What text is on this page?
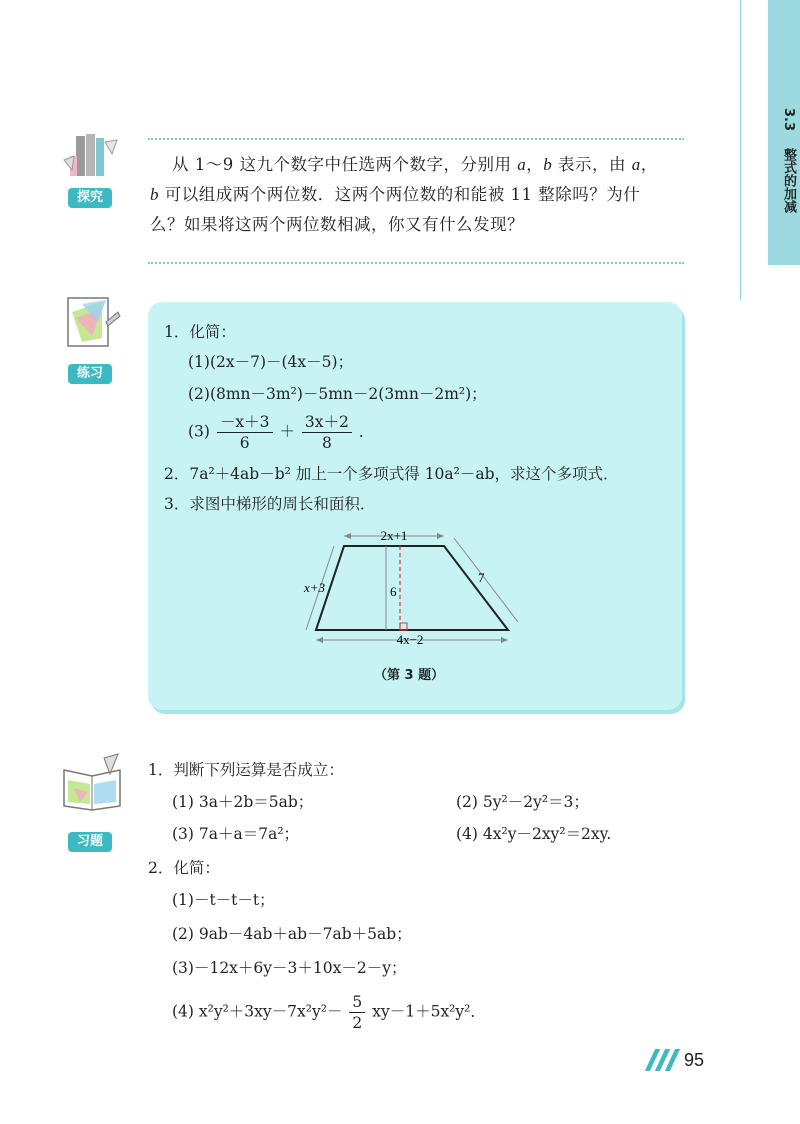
3.3  整式的加减
探究
从 1～9 这九个数字中任选两个数字，分别用 a，b 表示，由 a，
b 可以组成两个两位数．这两个两位数的和能被 11 整除吗？为什
么？如果将这两个两位数相减，你又有什么发现？
练习
1．化简：
(1)(2x－7)－(4x－5)；
(2)(8mn－3m²)－5mn－2(3mn－2m²)；
$(3) \frac{-x+3}{6} + \frac{3x+2}{8}$ ．
2．7a²＋4ab－b² 加上一个多项式得 10a²－ab，求这个多项式．
3．求图中梯形的周长和面积．
2x+1
x+3	6
7
4x−2
（第 3 题）
习题
1．判断下列运算是否成立：
(1) 3a＋2b＝5ab；	(2) 5y²－2y²＝3；
(3) 7a＋a＝7a²；	(4) 4x²y－2xy²＝2xy.
2．化简：
(1)－t－t－t；
(2) 9ab－4ab＋ab－7ab＋5ab；
(3)－12x＋6y－3＋10x－2－y；
(4) $x^2y^2+3xy-7x^2y^2- \frac{5}{2} xy-1+5x^2y^2$．
95
